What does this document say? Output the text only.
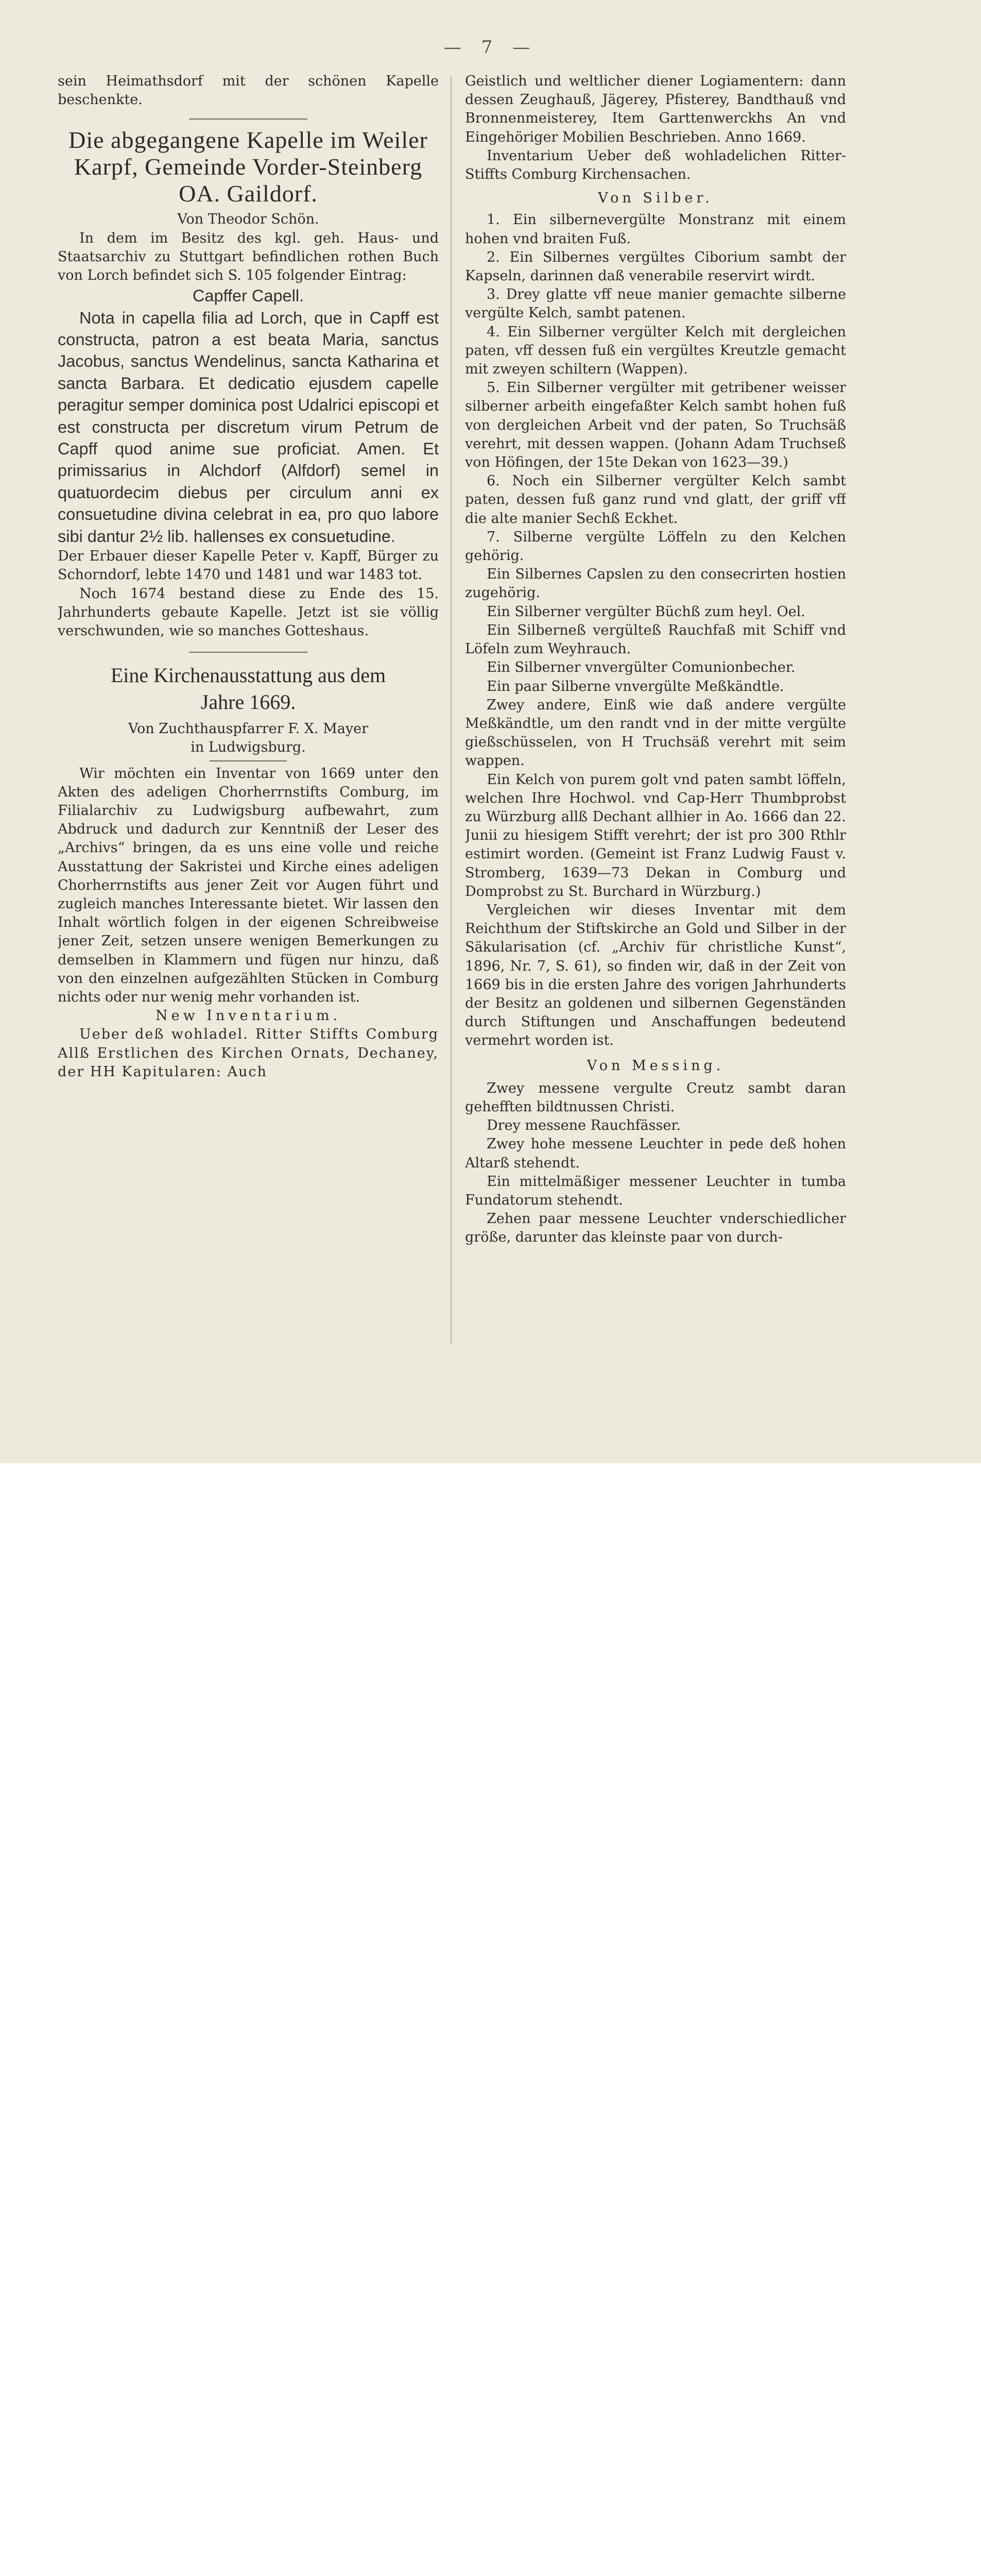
— 7 —

sein Heimathsdorf mit der schönen Kapelle beschenkte.

Die abgegangene Kapelle im Weiler Karpf, Gemeinde Vorder-Steinberg OA. Gaildorf.

Von Theodor Schön.

In dem im Besitz des kgl. geh. Haus- und Staatsarchiv zu Stuttgart befindlichen rothen Buch von Lorch befindet sich S. 105 folgender Eintrag:

Capffer Capell.

Nota in capella filia ad Lorch, que in Capff est constructa, patron a est beata Maria, sanctus Jacobus, sanctus Wendelinus, sancta Katharina et sancta Barbara. Et dedicatio ejusdem capelle peragitur semper dominica post Udalrici episcopi et est constructa per discretum virum Petrum de Capff quod anime sue proficiat. Amen. Et primissarius in Alchdorf (Alfdorf) semel in quatuordecim diebus per circulum anni ex consuetudine divina celebrat in ea, pro quo labore sibi dantur 2½ lib. hallenses ex consuetudine.

Der Erbauer dieser Kapelle Peter v. Kapff, Bürger zu Schorndorf, lebte 1470 und 1481 und war 1483 tot.

Noch 1674 bestand diese zu Ende des 15. Jahrhunderts gebaute Kapelle. Jetzt ist sie völlig verschwunden, wie so manches Gotteshaus.

Eine Kirchenausstattung aus dem

Jahre 1669.

Von Zuchthauspfarrer F. X. Mayer

in Ludwigsburg.

Wir möchten ein Inventar von 1669 unter den Akten des adeligen Chorherrnstifts Comburg, im Filialarchiv zu Ludwigsburg aufbewahrt, zum Abdruck und dadurch zur Kenntniß der Leser des „Archivs“ bringen, da es uns eine volle und reiche Ausstattung der Sakristei und Kirche eines adeligen Chorherrnstifts aus jener Zeit vor Augen führt und zugleich manches Interessante bietet. Wir lassen den Inhalt wörtlich folgen in der eigenen Schreibweise jener Zeit, setzen unsere wenigen Bemerkungen zu demselben in Klammern und fügen nur hinzu, daß von den einzelnen aufgezählten Stücken in Comburg nichts oder nur wenig mehr vorhanden ist.

New Inventarium.

Ueber deß wohladel. Ritter Stiffts Comburg Allß Erstlichen des Kirchen Ornats, Dechaney, der HH Kapitularen: Auch

Geistlich und weltlicher diener Logiamentern: dann dessen Zeughauß, Jägerey, Pfisterey, Bandthauß vnd Bronnenmeisterey, Item Garttenwerckhs An vnd Eingehöriger Mobilien Beschrieben. Anno 1669.

Inventarium Ueber deß wohladelichen Ritter-Stiffts Comburg Kirchensachen.

Von Silber.

1. Ein silbernevergülte Monstranz mit einem hohen vnd braiten Fuß.

2. Ein Silbernes vergültes Ciborium sambt der Kapseln, darinnen daß venerabile reservirt wirdt.

3. Drey glatte vff neue manier gemachte silberne vergülte Kelch, sambt patenen.

4. Ein Silberner vergülter Kelch mit dergleichen paten, vff dessen fuß ein vergültes Kreutzle gemacht mit zweyen schiltern (Wappen).

5. Ein Silberner vergülter mit getribener weisser silberner arbeith eingefaßter Kelch sambt hohen fuß von dergleichen Arbeit vnd der paten, So Truchsäß verehrt, mit dessen wappen. (Johann Adam Truchseß von Höfingen, der 15te Dekan von 1623—39.)

6. Noch ein Silberner vergülter Kelch sambt paten, dessen fuß ganz rund vnd glatt, der griff vff die alte manier Sechß Eckhet.

7. Silberne vergülte Löffeln zu den Kelchen gehörig.

Ein Silbernes Capslen zu den consecrirten hostien zugehörig.

Ein Silberner vergülter Büchß zum heyl. Oel.

Ein Silberneß vergülteß Rauchfaß mit Schiff vnd Löfeln zum Weyhrauch.

Ein Silberner vnvergülter Comunionbecher.

Ein paar Silberne vnvergülte Meßkändtle.

Zwey andere, Einß wie daß andere vergülte Meßkändtle, um den randt vnd in der mitte vergülte gießschüsselen, von H Truchsäß verehrt mit seim wappen.

Ein Kelch von purem golt vnd paten sambt löffeln, welchen Ihre Hochwol. vnd Cap-Herr Thumbprobst zu Würzburg allß Dechant allhier in Ao. 1666 dan 22. Junii zu hiesigem Stifft verehrt; der ist pro 300 Rthlr estimirt worden. (Gemeint ist Franz Ludwig Faust v. Stromberg, 1639—73 Dekan in Comburg und Domprobst zu St. Burchard in Würzburg.)

Vergleichen wir dieses Inventar mit dem Reichthum der Stiftskirche an Gold und Silber in der Säkularisation (cf. „Archiv für christliche Kunst“, 1896, Nr. 7, S. 61), so finden wir, daß in der Zeit von 1669 bis in die ersten Jahre des vorigen Jahrhunderts der Besitz an goldenen und silbernen Gegenständen durch Stiftungen und Anschaffungen bedeutend vermehrt worden ist.

Von Messing.

Zwey messene vergulte Creutz sambt daran gehefften bildtnussen Christi.

Drey messene Rauchfässer.

Zwey hohe messene Leuchter in pede deß hohen Altarß stehendt.

Ein mittelmäßiger messener Leuchter in tumba Fundatorum stehendt.

Zehen paar messene Leuchter vnderschiedlicher größe, darunter das kleinste paar von durch-
